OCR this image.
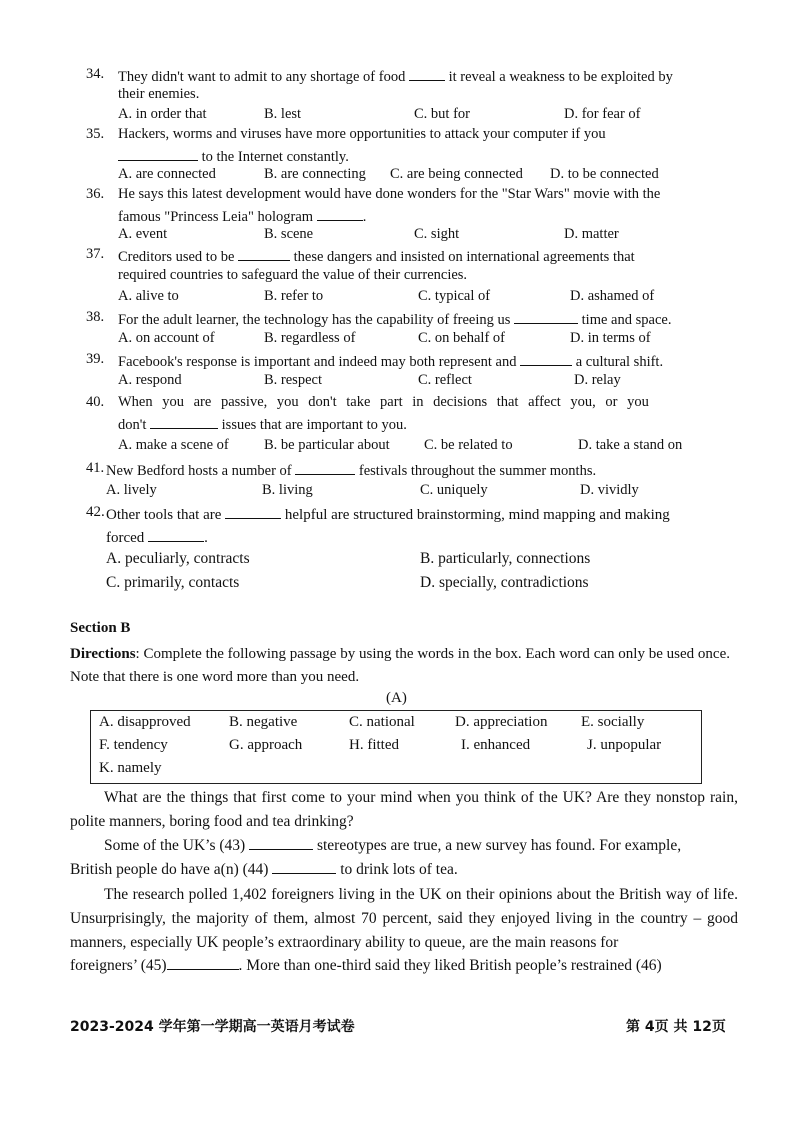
34. They didn't want to admit to any shortage of food	it reveal a weakness to be exploited by
their enemies.
A. in order that	B. lest	C. but for	D. for fear of
35. Hackers, worms and viruses have more opportunities to attack your computer if you
to the Internet constantly.
A. are connected	B. are connecting C. are being connected D. to be connected
36. He says this latest development would have done wonders for the "Star Wars" movie with the
famous "Princess Leia" hologram	.
A. event	B. scene	C. sight	D. matter
37. Creditors used to be	these dangers and insisted on international agreements that
required countries to safeguard the value of their currencies.
A. alive to	B. refer to	C. typical of	D. ashamed of
38. For the adult learner, the technology has the capability of freeing us	time and space.
A. on account of	B. regardless of	C. on behalf of	D. in terms of
39. Facebook's response is important and indeed may both represent and	a cultural shift.
A. respond	B. respect	C. reflect	D. relay
40. When you are passive, you don't take part in decisions that affect you, or you
don't	issues that are important to you.
A. make a scene of B. be particular about C. be related to	D. take a stand on
41. New Bedford hosts a number of	festivals throughout the summer months.
A. lively	B. living	C. uniquely	D. vividly
42. Other tools that are	helpful are structured brainstorming, mind mapping and making
forced	.
A. peculiarly, contracts	B. particularly, connections
C. primarily, contacts	D. specially, contradictions
Section B
Directions: Complete the following passage by using the words in the box. Each word can only be used once. Note that there is one word more than you need.
(A)
A. disapproved	B. negative	C. national	D. appreciation E. socially
F. tendency	G. approach	H. fitted	I. enhanced	J. unpopular
K. namely
What are the things that first come to your mind when you think of the UK? Are they nonstop rain, polite manners, boring food and tea drinking?
Some of the UK’s (43)	stereotypes are true, a new survey has found. For example,
British people do have a(n) (44)	to drink lots of tea.
The research polled 1,402 foreigners living in the UK on their opinions about the British way of life. Unsurprisingly, the majority of them, almost 70 percent, said they enjoyed living in the country – good manners, especially UK people’s extraordinary ability to queue, are the main reasons for
foreigners’ (45)	. More than one-third said they liked British people’s restrained (46)
2023-2024 学年第一学期高一英语月考试卷	第 4页 共 12页
